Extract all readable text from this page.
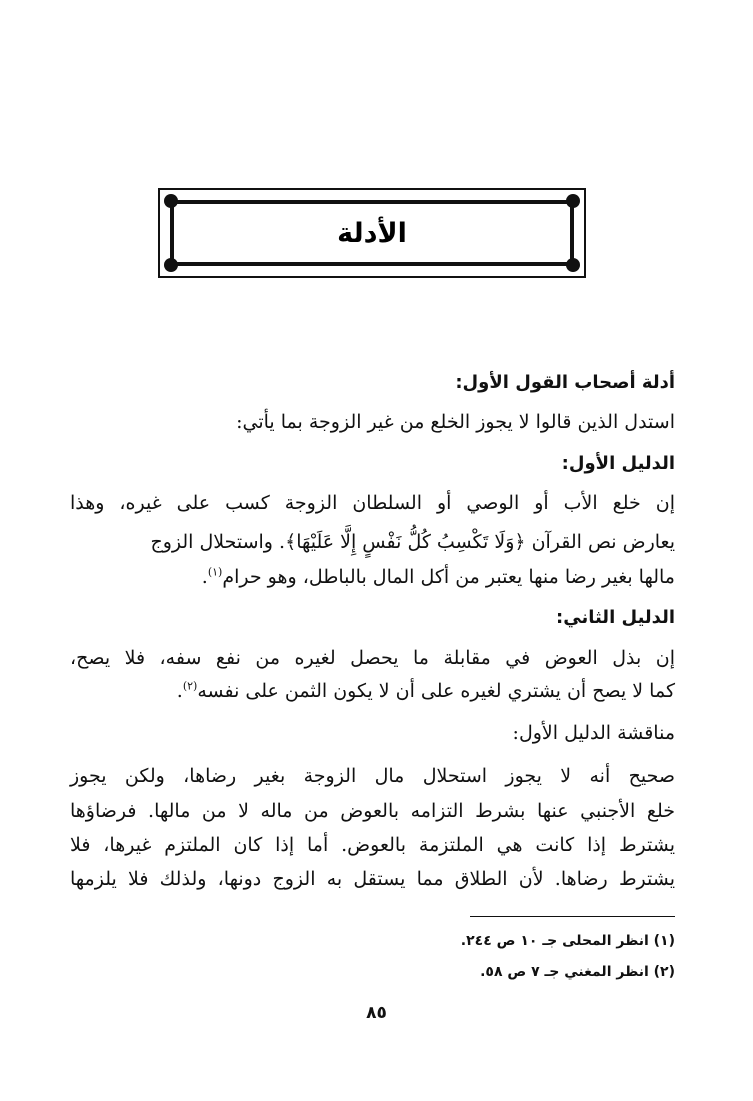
الأدلة
أدلة أصحاب القول الأول:
استدل الذين قالوا لا يجوز الخلع من غير الزوجة بما يأتي:
الدليل الأول:
إن خلع الأب أو الوصي أو السلطان الزوجة كسب على غيره، وهذا
يعارض نص القرآن ﴿وَلَا تَكْسِبُ كُلُّ نَفْسٍ إِلَّا عَلَيْهَا﴾. واستحلال الزوج
مالها بغير رضا منها يعتبر من أكل المال بالباطل، وهو حرام$^{(١)}$.
الدليل الثاني:
إن بذل العوض في مقابلة ما يحصل لغيره من نفع سفه، فلا يصح،
كما لا يصح أن يشتري لغيره على أن لا يكون الثمن على نفسه$^{(٢)}$.
مناقشة الدليل الأول:
صحيح أنه لا يجوز استحلال مال الزوجة بغير رضاها، ولكن يجوز
خلع الأجنبي عنها بشرط التزامه بالعوض من ماله لا من مالها. فرضاؤها
يشترط إذا كانت هي الملتزمة بالعوض. أما إذا كان الملتزم غيرها، فلا
يشترط رضاها. لأن الطلاق مما يستقل به الزوج دونها، ولذلك فلا يلزمها
(١) انظر المحلى جـ ١٠ ص ٢٤٤.
(٢) انظر المغني جـ ٧ ص ٥٨.
٨٥
